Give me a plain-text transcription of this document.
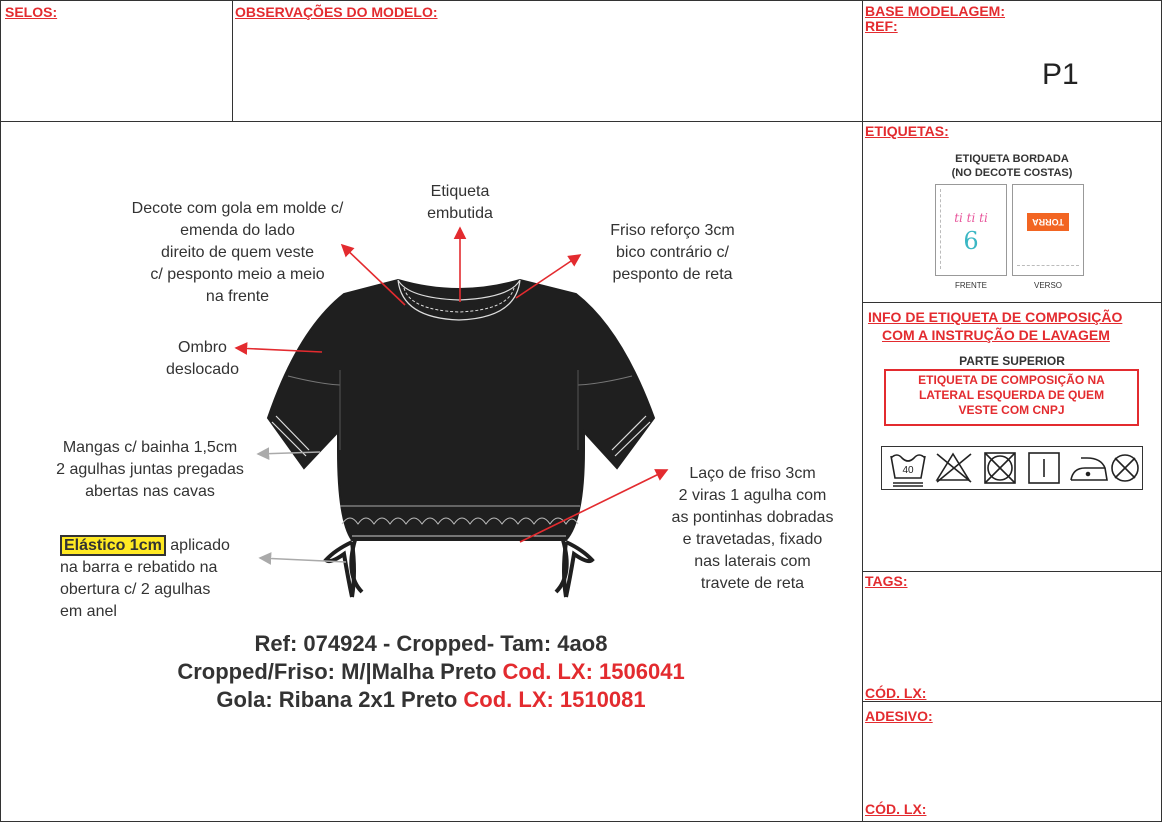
SELOS:	OBSERVAÇÕES DO MODELO:	BASE MODELAGEM:
REF:
P1
ETIQUETAS:
INFO DE ETIQUETA DE COMPOSIÇÃO
COM A INSTRUÇÃO DE LAVAGEM
TAGS:
CÓD. LX:
ADESIVO:
CÓD. LX:
ETIQUETA BORDADA
(NO DECOTE COSTAS)
ti ti ti
6
TORRA
FRENTE	VERSO
PARTE SUPERIOR
ETIQUETA DE COMPOSIÇÃO NA
LATERAL ESQUERDA DE QUEM
VESTE COM CNPJ
40
Decote com gola em molde c/
emenda do lado
direito de quem veste
c/ pesponto meio a meio
na frente
Etiqueta
embutida
Friso reforço 3cm
bico contrário c/
pesponto de reta
Ombro
deslocado
Mangas c/ bainha 1,5cm
2 agulhas juntas pregadas
abertas nas cavas
Laço de friso 3cm
2 viras 1 agulha com
as pontinhas dobradas
e travetadas, fixado
nas laterais com
travete de reta
Elástico 1cm aplicado
na barra e rebatido na
obertura c/ 2 agulhas
em anel
Ref: 074924 - Cropped- Tam: 4ao8
Cropped/Friso: M/|Malha Preto Cod. LX: 1506041
Gola: Ribana 2x1 Preto Cod. LX: 1510081
